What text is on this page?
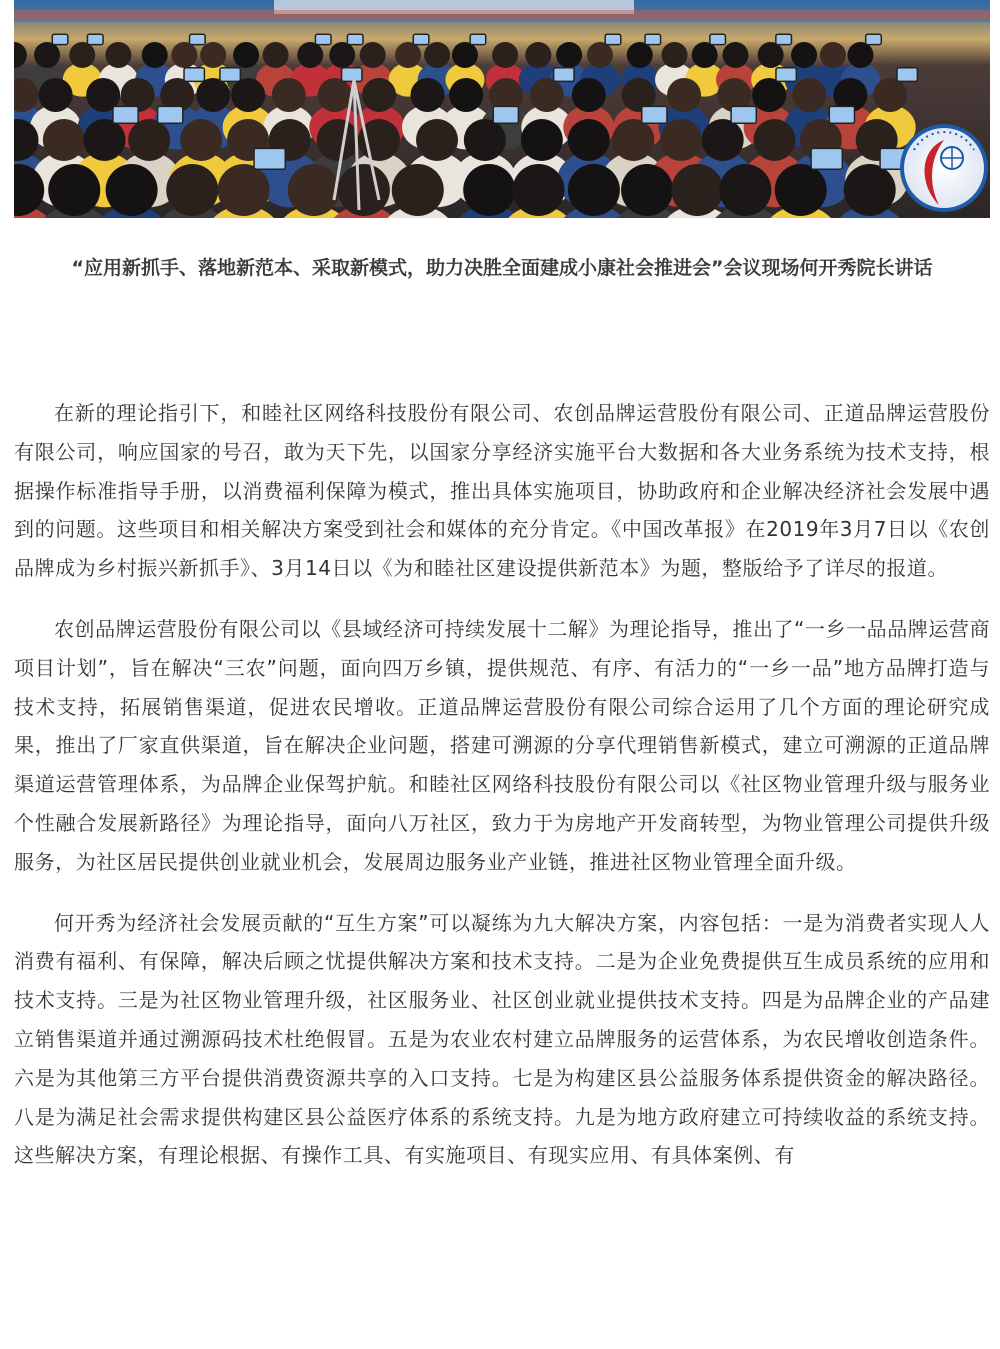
“应用新抓手、落地新范本、采取新模式，助力决胜全面建成小康社会推进会”会议现场何开秀院长讲话

在新的理论指引下，和睦社区网络科技股份有限公司、农创品牌运营股份有限公司、正道品牌运营股份有限公司，响应国家的号召，敢为天下先，以国家分享经济实施平台大数据和各大业务系统为技术支持，根据操作标准指导手册，以消费福利保障为模式，推出具体实施项目，协助政府和企业解决经济社会发展中遇到的问题。这些项目和相关解决方案受到社会和媒体的充分肯定。《中国改革报》在2019年3月7日以《农创品牌成为乡村振兴新抓手》、3月14日以《为和睦社区建设提供新范本》为题，整版给予了详尽的报道。

农创品牌运营股份有限公司以《县域经济可持续发展十二解》为理论指导，推出了“一乡一品品牌运营商项目计划”，旨在解决“三农”问题，面向四万乡镇，提供规范、有序、有活力的“一乡一品”地方品牌打造与技术支持，拓展销售渠道，促进农民增收。正道品牌运营股份有限公司综合运用了几个方面的理论研究成果，推出了厂家直供渠道，旨在解决企业问题，搭建可溯源的分享代理销售新模式，建立可溯源的正道品牌渠道运营管理体系，为品牌企业保驾护航。和睦社区网络科技股份有限公司以《社区物业管理升级与服务业个性融合发展新路径》为理论指导，面向八万社区，致力于为房地产开发商转型，为物业管理公司提供升级服务，为社区居民提供创业就业机会，发展周边服务业产业链，推进社区物业管理全面升级。

何开秀为经济社会发展贡献的“互生方案”可以凝练为九大解决方案，内容包括：一是为消费者实现人人消费有福利、有保障，解决后顾之忧提供解决方案和技术支持。二是为企业免费提供互生成员系统的应用和技术支持。三是为社区物业管理升级，社区服务业、社区创业就业提供技术支持。四是为品牌企业的产品建立销售渠道并通过溯源码技术杜绝假冒。五是为农业农村建立品牌服务的运营体系，为农民增收创造条件。六是为其他第三方平台提供消费资源共享的入口支持。七是为构建区县公益服务体系提供资金的解决路径。八是为满足社会需求提供构建区县公益医疗体系的系统支持。九是为地方政府建立可持续收益的系统支持。这些解决方案，有理论根据、有操作工具、有实施项目、有现实应用、有具体案例、有
